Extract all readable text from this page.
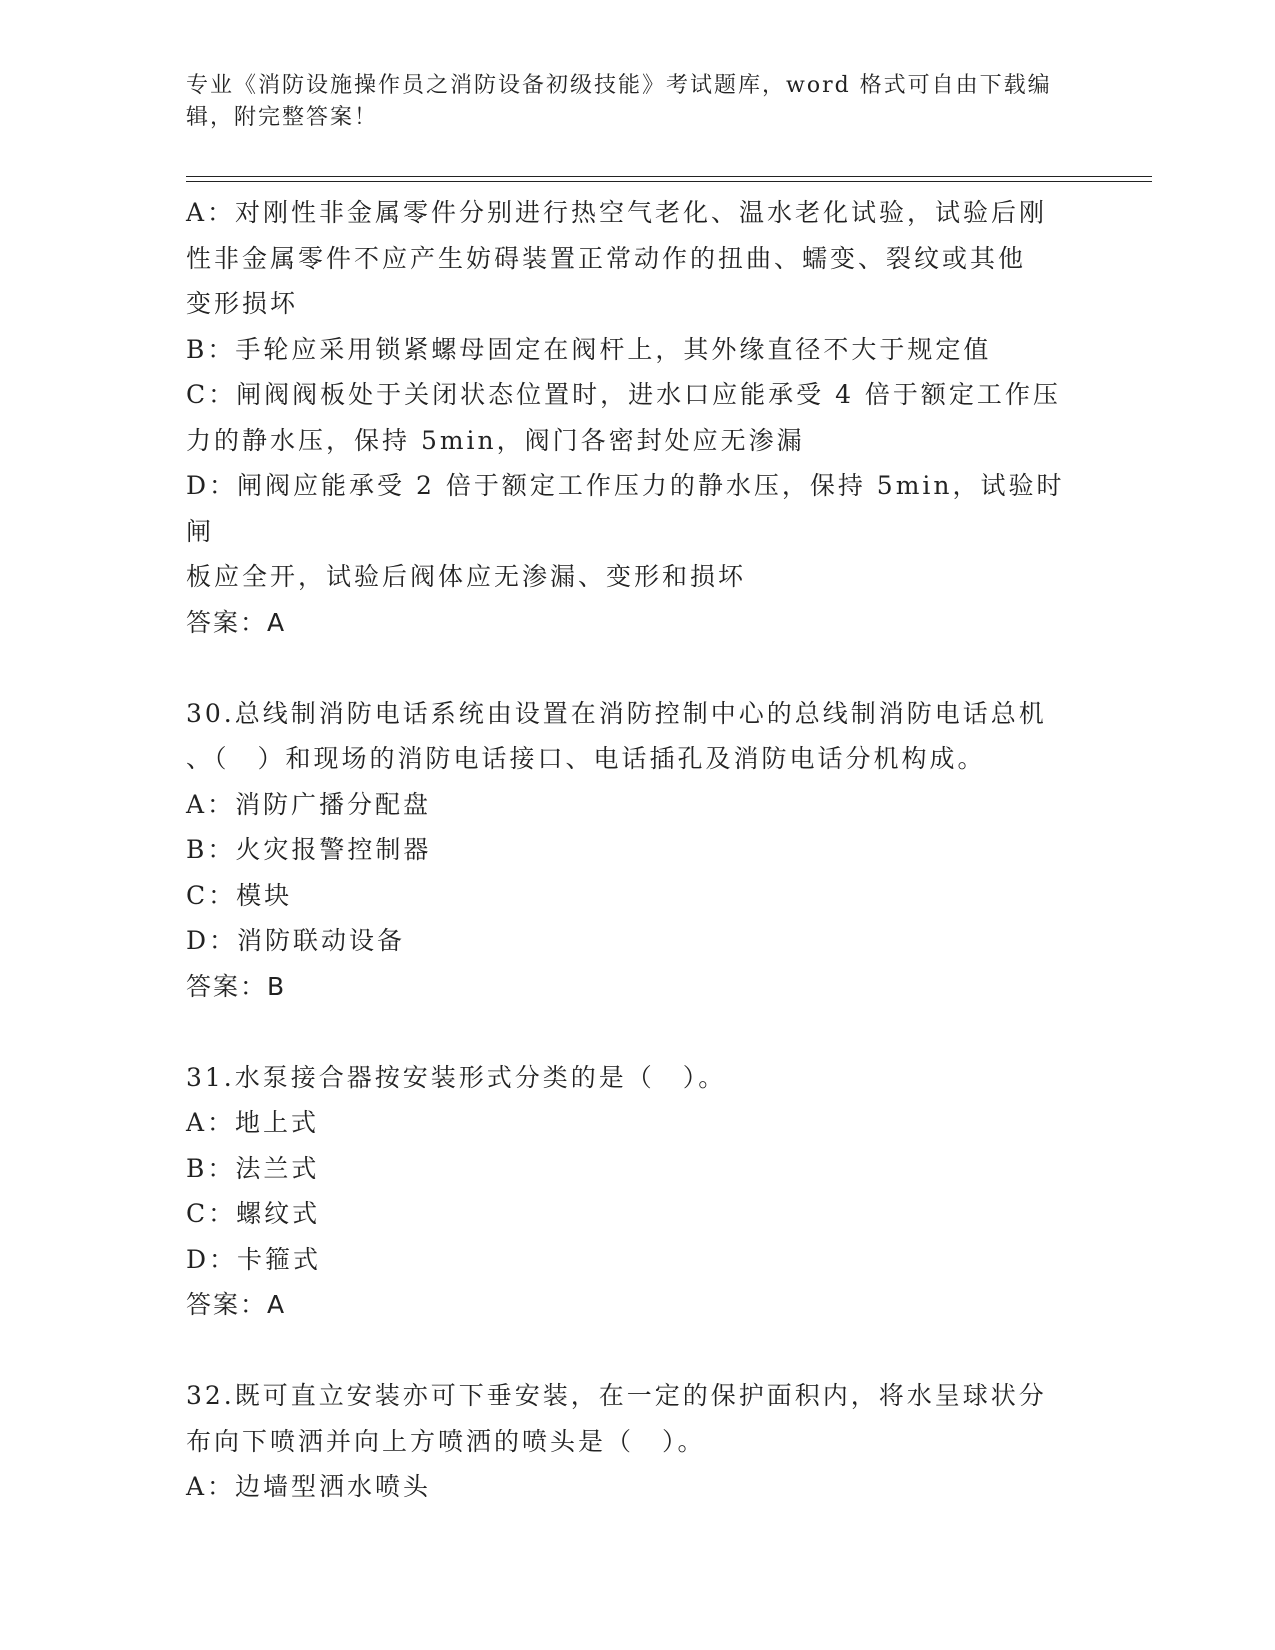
专业《消防设施操作员之消防设备初级技能》考试题库，word 格式可自由下载编
辑，附完整答案！

A：对刚性非金属零件分别进行热空气老化、温水老化试验，试验后刚

性非金属零件不应产生妨碍装置正常动作的扭曲、蠕变、裂纹或其他

变形损坏

B：手轮应采用锁紧螺母固定在阀杆上，其外缘直径不大于规定值

C：闸阀阀板处于关闭状态位置时，进水口应能承受 4 倍于额定工作压

力的静水压，保持 5min，阀门各密封处应无渗漏

D：闸阀应能承受 2 倍于额定工作压力的静水压，保持 5min，试验时闸

板应全开，试验后阀体应无渗漏、变形和损坏

答案：A

30.总线制消防电话系统由设置在消防控制中心的总线制消防电话总机

、（　）和现场的消防电话接口、电话插孔及消防电话分机构成。

A：消防广播分配盘

B：火灾报警控制器

C：模块

D：消防联动设备

答案：B

31.水泵接合器按安装形式分类的是（　）。

A：地上式

B：法兰式

C：螺纹式

D：卡箍式

答案：A

32.既可直立安装亦可下垂安装，在一定的保护面积内，将水呈球状分

布向下喷洒并向上方喷洒的喷头是（　）。

A：边墙型洒水喷头
